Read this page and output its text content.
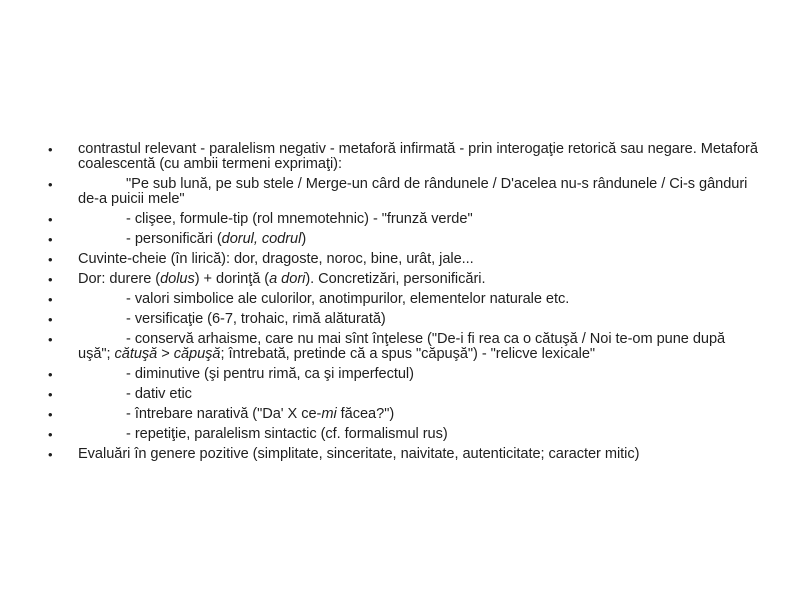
•	contrastul relevant - paralelism negativ - metaforă infirmată - prin interogaţie retorică sau negare. Metaforă coalescentă (cu ambii termeni exprimaţi):
•	"Pe sub lună, pe sub stele / Merge-un cârd de rândunele / D'acelea nu-s rândunele / Ci-s gânduri de-a puicii mele"
•	- clişee, formule-tip (rol mnemotehnic) - "frunză verde"
•	- personificări (dorul, codrul)
•	Cuvinte-cheie (în lirică): dor, dragoste, noroc, bine, urât, jale...
•	Dor: durere (dolus) + dorinţă (a dori). Concretizări, personificări.
•	- valori simbolice ale culorilor, anotimpurilor, elementelor naturale etc.
•	- versificaţie (6-7, trohaic, rimă alăturată)
•	- conservă arhaisme, care nu mai sînt înţelese ("De-i fi rea ca o cătuşă / Noi te-om pune după uşă"; cătuşă > căpuşă; întrebată, pretinde că a spus "căpuşă") - "relicve lexicale"
•	- diminutive (şi pentru rimă, ca şi imperfectul)
•	- dativ etic
•	- întrebare narativă ("Da' X ce-mi făcea?")
•	- repetiţie, paralelism sintactic (cf. formalismul rus)
•	Evaluări în genere pozitive (simplitate, sinceritate, naivitate, autenticitate; caracter mitic)
